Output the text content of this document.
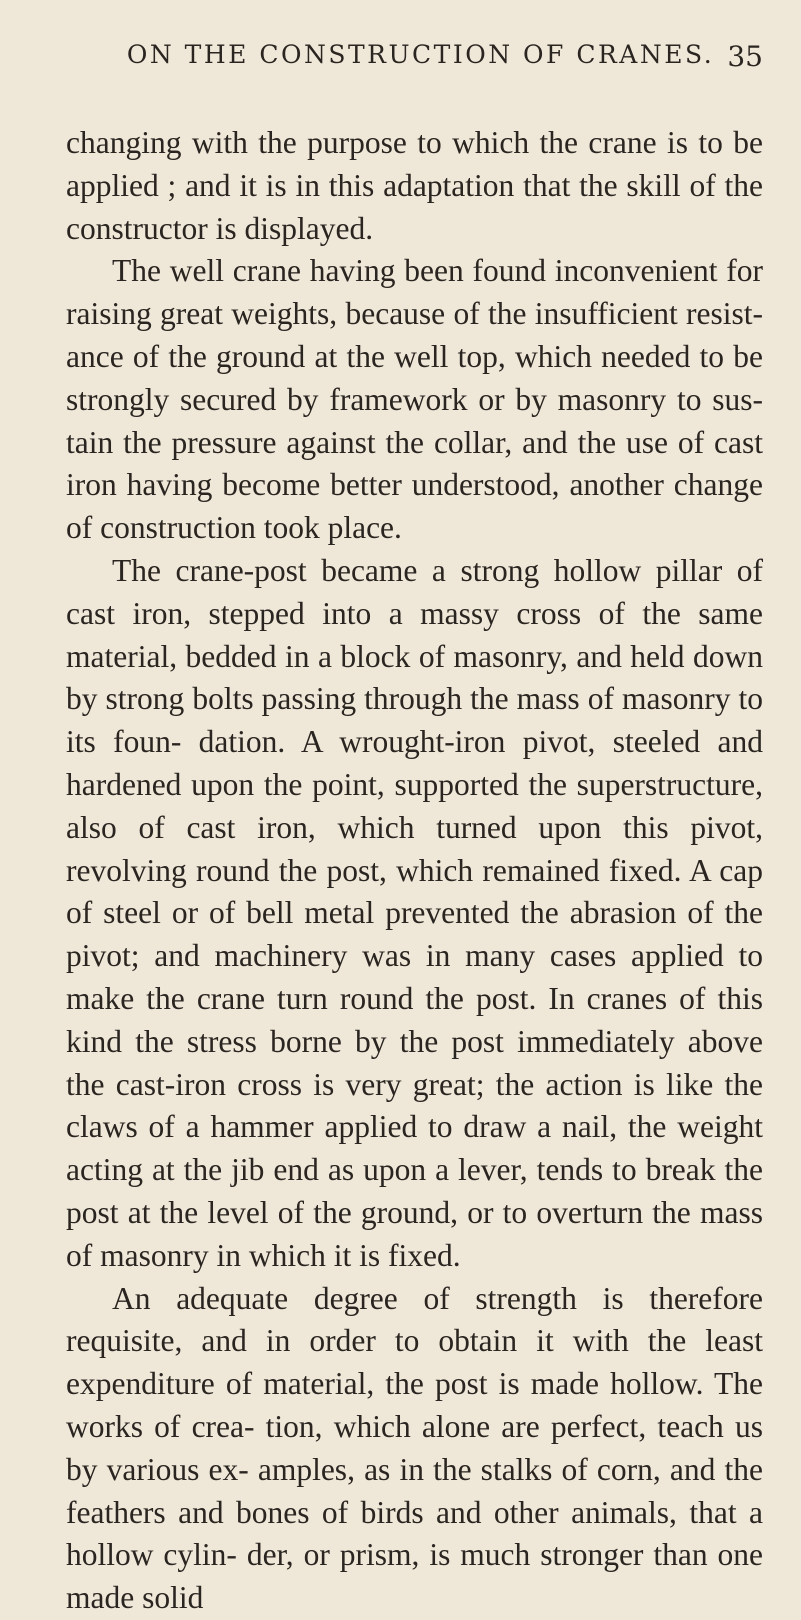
ON THE CONSTRUCTION OF CRANES. 35

changing with the purpose to which the crane is to be applied ; and it is in this adaptation that the skill of the constructor is displayed.

The well crane having been found inconvenient for raising great weights, because of the insufficient resist- ance of the ground at the well top, which needed to be strongly secured by framework or by masonry to sus- tain the pressure against the collar, and the use of cast iron having become better understood, another change of construction took place.

The crane-post became a strong hollow pillar of cast iron, stepped into a massy cross of the same material, bedded in a block of masonry, and held down by strong bolts passing through the mass of masonry to its foun- dation. A wrought-iron pivot, steeled and hardened upon the point, supported the superstructure, also of cast iron, which turned upon this pivot, revolving round the post, which remained fixed. A cap of steel or of bell metal prevented the abrasion of the pivot; and machinery was in many cases applied to make the crane turn round the post. In cranes of this kind the stress borne by the post immediately above the cast-iron cross is very great; the action is like the claws of a hammer applied to draw a nail, the weight acting at the jib end as upon a lever, tends to break the post at the level of the ground, or to overturn the mass of masonry in which it is fixed.

An adequate degree of strength is therefore requisite, and in order to obtain it with the least expenditure of material, the post is made hollow. The works of crea- tion, which alone are perfect, teach us by various ex- amples, as in the stalks of corn, and the feathers and bones of birds and other animals, that a hollow cylin- der, or prism, is much stronger than one made solid
